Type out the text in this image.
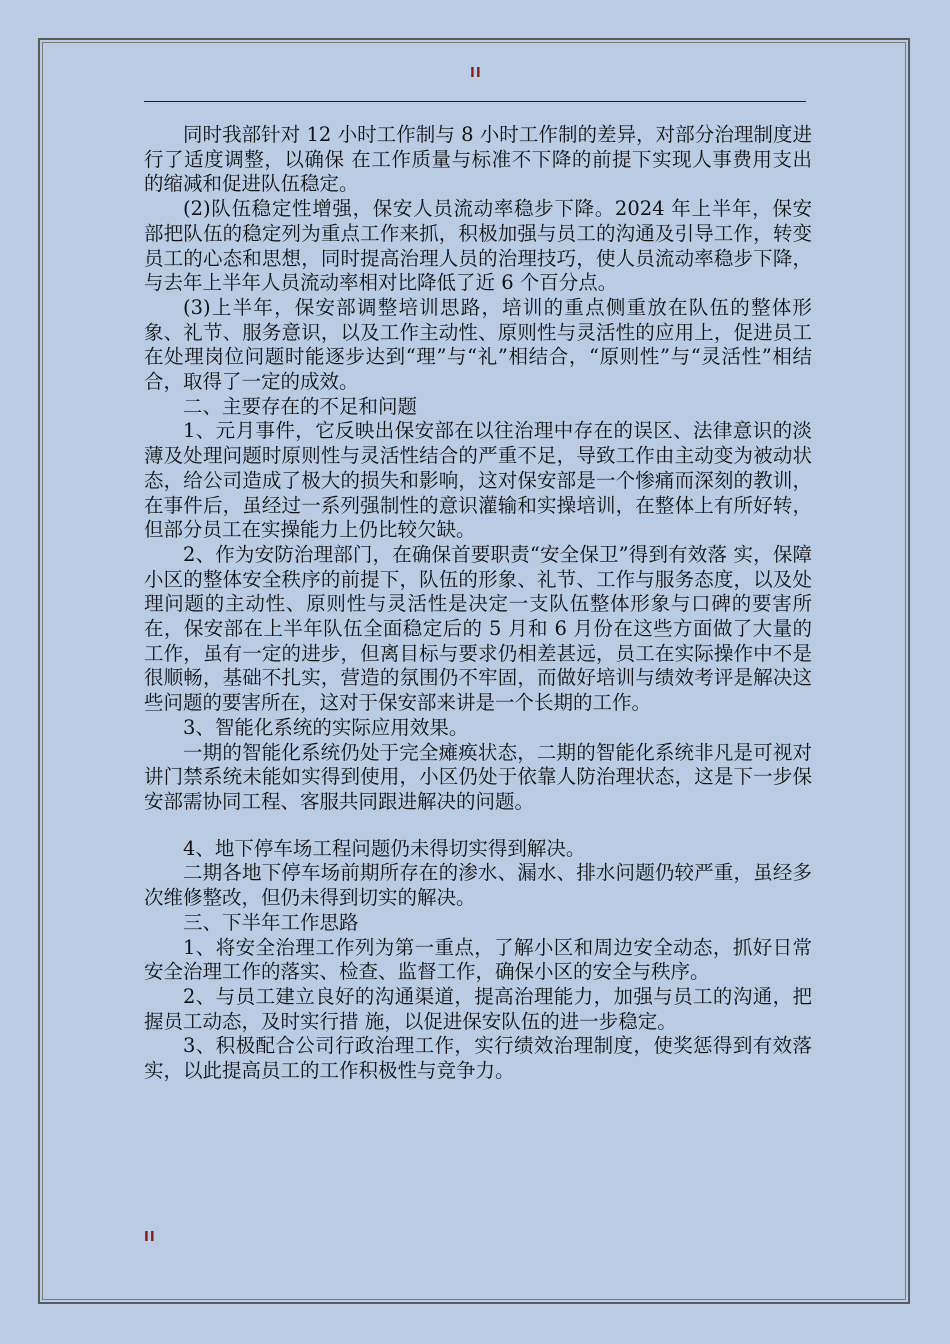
II

同时我部针对 12 小时工作制与 8 小时工作制的差异，对部分治理制度进行了适度调整，以确保 在工作质量与标准不下降的前提下实现人事费用支出的缩减和促进队伍稳定。

(2)队伍稳定性增强，保安人员流动率稳步下降。2024 年上半年，保安部把队伍的稳定列为重点工作来抓，积极加强与员工的沟通及引导工作，转变员工的心态和思想，同时提高治理人员的治理技巧，使人员流动率稳步下降，与去年上半年人员流动率相对比降低了近 6 个百分点。

(3)上半年，保安部调整培训思路，培训的重点侧重放在队伍的整体形象、礼节、服务意识，以及工作主动性、原则性与灵活性的应用上，促进员工在处理岗位问题时能逐步达到“理”与“礼”相结合，“原则性”与“灵活性”相结合，取得了一定的成效。

二、主要存在的不足和问题

1、元月事件，它反映出保安部在以往治理中存在的误区、法律意识的淡薄及处理问题时原则性与灵活性结合的严重不足，导致工作由主动变为被动状态，给公司造成了极大的损失和影响，这对保安部是一个惨痛而深刻的教训，在事件后，虽经过一系列强制性的意识灌输和实操培训，在整体上有所好转，但部分员工在实操能力上仍比较欠缺。

2、作为安防治理部门，在确保首要职责“安全保卫”得到有效落 实，保障小区的整体安全秩序的前提下，队伍的形象、礼节、工作与服务态度，以及处理问题的主动性、原则性与灵活性是决定一支队伍整体形象与口碑的要害所在，保安部在上半年队伍全面稳定后的 5 月和 6 月份在这些方面做了大量的工作，虽有一定的进步，但离目标与要求仍相差甚远，员工在实际操作中不是很顺畅，基础不扎实，营造的氛围仍不牢固，而做好培训与绩效考评是解决这些问题的要害所在，这对于保安部来讲是一个长期的工作。

3、智能化系统的实际应用效果。

一期的智能化系统仍处于完全瘫痪状态，二期的智能化系统非凡是可视对讲门禁系统未能如实得到使用，小区仍处于依靠人防治理状态，这是下一步保安部需协同工程、客服共同跟进解决的问题。

4、地下停车场工程问题仍未得切实得到解决。

二期各地下停车场前期所存在的渗水、漏水、排水问题仍较严重，虽经多次维修整改，但仍未得到切实的解决。

三、下半年工作思路

1、将安全治理工作列为第一重点，了解小区和周边安全动态，抓好日常安全治理工作的落实、检查、监督工作，确保小区的安全与秩序。

2、与员工建立良好的沟通渠道，提高治理能力，加强与员工的沟通，把握员工动态，及时实行措 施，以促进保安队伍的进一步稳定。

3、积极配合公司行政治理工作，实行绩效治理制度，使奖惩得到有效落实，以此提高员工的工作积极性与竞争力。

II
